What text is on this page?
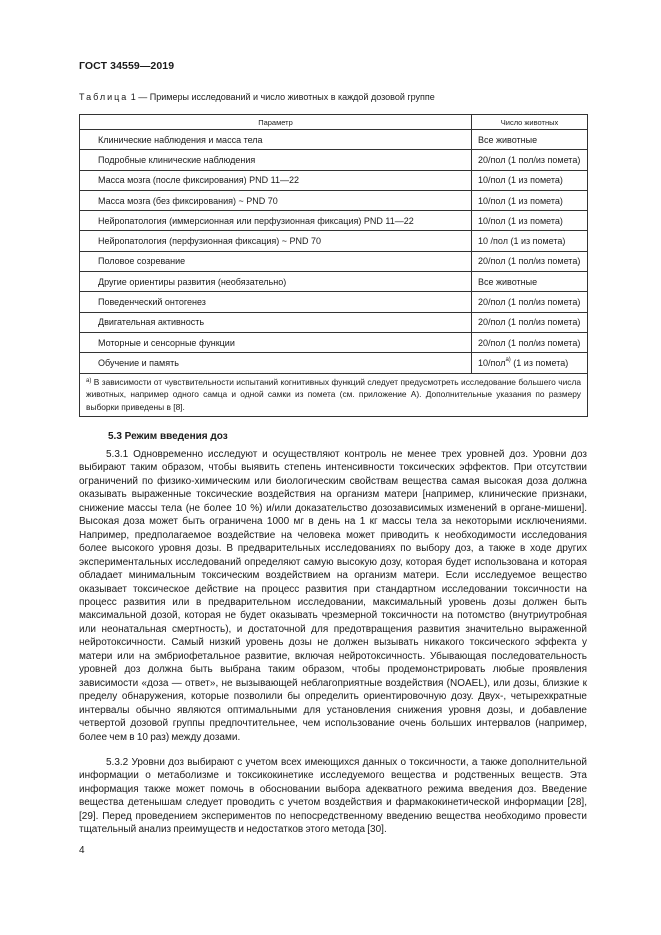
ГОСТ 34559—2019
Таблица 1 — Примеры исследований и число животных в каждой дозовой группе
Параметр	Число животных
Клинические наблюдения и масса тела	Все животные
Подробные клинические наблюдения	20/пол (1 пол/из помета)
Масса мозга (после фиксирования) PND 11—22	10/пол (1 из помета)
Масса мозга (без фиксирования) ~ PND 70	10/пол (1 из помета)
Нейропатология (иммерсионная или перфузионная фиксация) PND 11—22	10/пол (1 из помета)
Нейропатология (перфузионная фиксация) ~ PND 70	10 /пол (1 из помета)
Половое созревание	20/пол (1 пол/из помета)
Другие ориентиры развития (необязательно)	Все животные
Поведенческий онтогенез	20/пол (1 пол/из помета)
Двигательная активность	20/пол (1 пол/из помета)
Моторные и сенсорные функции	20/пол (1 пол/из помета)
Обучение и память	10/пол$^{а)}$ (1 из помета)
$^{а)}$ В зависимости от чувствительности испытаний когнитивных функций следует предусмотреть исследование большего числа животных, например одного самца и одной самки из помета (см. приложение А). Дополнительные указания по размеру выборки приведены в [8].	
5.3 Режим введения доз

5.3.1 Одновременно исследуют и осуществляют контроль не менее трех уровней доз. Уровни доз выбирают таким образом, чтобы выявить степень интенсивности токсических эффектов. При отсутствии ограничений по физико-химическим или биологическим свойствам вещества самая высокая доза должна оказывать выраженные токсические воздействия на организм матери [например, клинические признаки, снижение массы тела (не более 10 %) и/или доказательство дозозависимых изменений в органе-мишени]. Высокая доза может быть ограничена 1000 мг в день на 1 кг массы тела за некоторыми исключениями. Например, предполагаемое воздействие на человека может приводить к необходимости исследования более высокого уровня дозы. В предварительных исследованиях по выбору доз, а также в ходе других экспериментальных исследований определяют самую высокую дозу, которая будет использована и которая обладает минимальным токсическим воздействием на организм матери. Если исследуемое вещество оказывает токсическое действие на процесс развития при стандартном исследовании токсичности на процесс развития или в предварительном исследовании, максимальный уровень дозы должен быть максимальной дозой, которая не будет оказывать чрезмерной токсичности на потомство (внутриутробная или неонатальная смертность), и достаточной для предотвращения развития значительно выраженной нейротоксичности. Самый низкий уровень дозы не должен вызывать никакого токсического эффекта у матери или на эмбриофетальное развитие, включая нейротоксичность. Убывающая последовательность уровней доз должна быть выбрана таким образом, чтобы продемонстрировать любые проявления зависимости «доза — ответ», не вызывающей неблагоприятные воздействия (NOAEL), или дозы, близкие к пределу обнаружения, которые позволили бы определить ориентировочную дозу. Двух-, четырехкратные интервалы обычно являются оптимальными для установления снижения уровня дозы, и добавление четвертой дозовой группы предпочтительнее, чем использование очень больших интервалов (например, более чем в 10 раз) между дозами.

5.3.2 Уровни доз выбирают с учетом всех имеющихся данных о токсичности, а также дополнительной информации о метаболизме и токсикокинетике исследуемого вещества и родственных веществ. Эта информация также может помочь в обосновании выбора адекватного режима введения доз. Введение вещества детенышам следует проводить с учетом воздействия и фармакокинетической информации [28], [29]. Перед проведением экспериментов по непосредственному введению вещества необходимо провести тщательный анализ преимуществ и недостатков этого метода [30].

4
